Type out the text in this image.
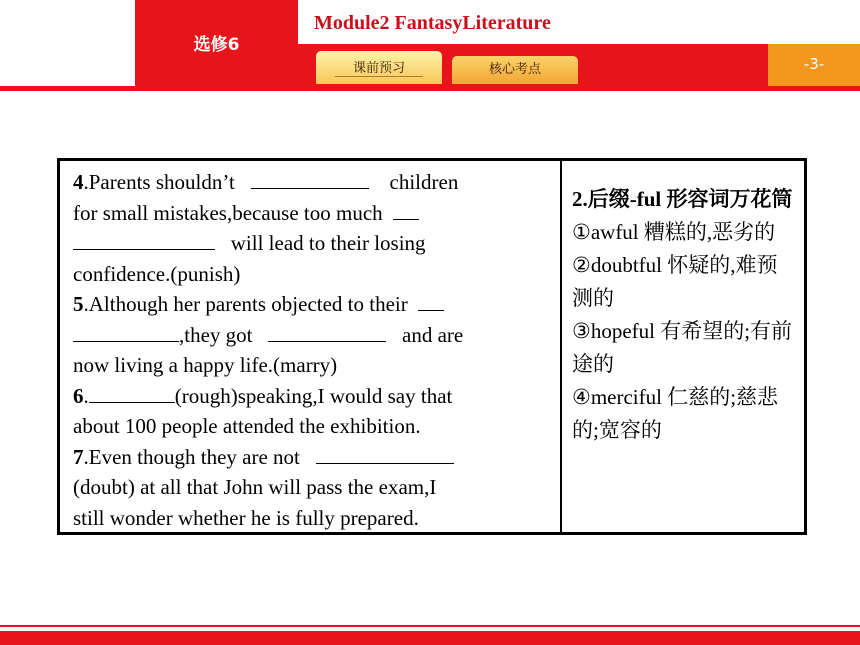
选修6
Module2 FantasyLiterature
-3-
课前预习	核心考点
4.Parents shouldn’t	children
for small mistakes,because too much
will lead to their losing
confidence.(punish)
5.Although her parents objected to their
,they got	and are
now living a happy life.(marry)
6.	(rough)speaking,I would say that
about 100 people attended the exhibition.
7.Even though they are not
(doubt) at all that John will pass the exam,I
still wonder whether he is fully prepared.
2.后缀-ful 形容词万花筒
①awful 糟糕的,恶劣的
②doubtful 怀疑的,难预测的
③hopeful 有希望的;有前途的
④merciful 仁慈的;慈悲的;宽容的
